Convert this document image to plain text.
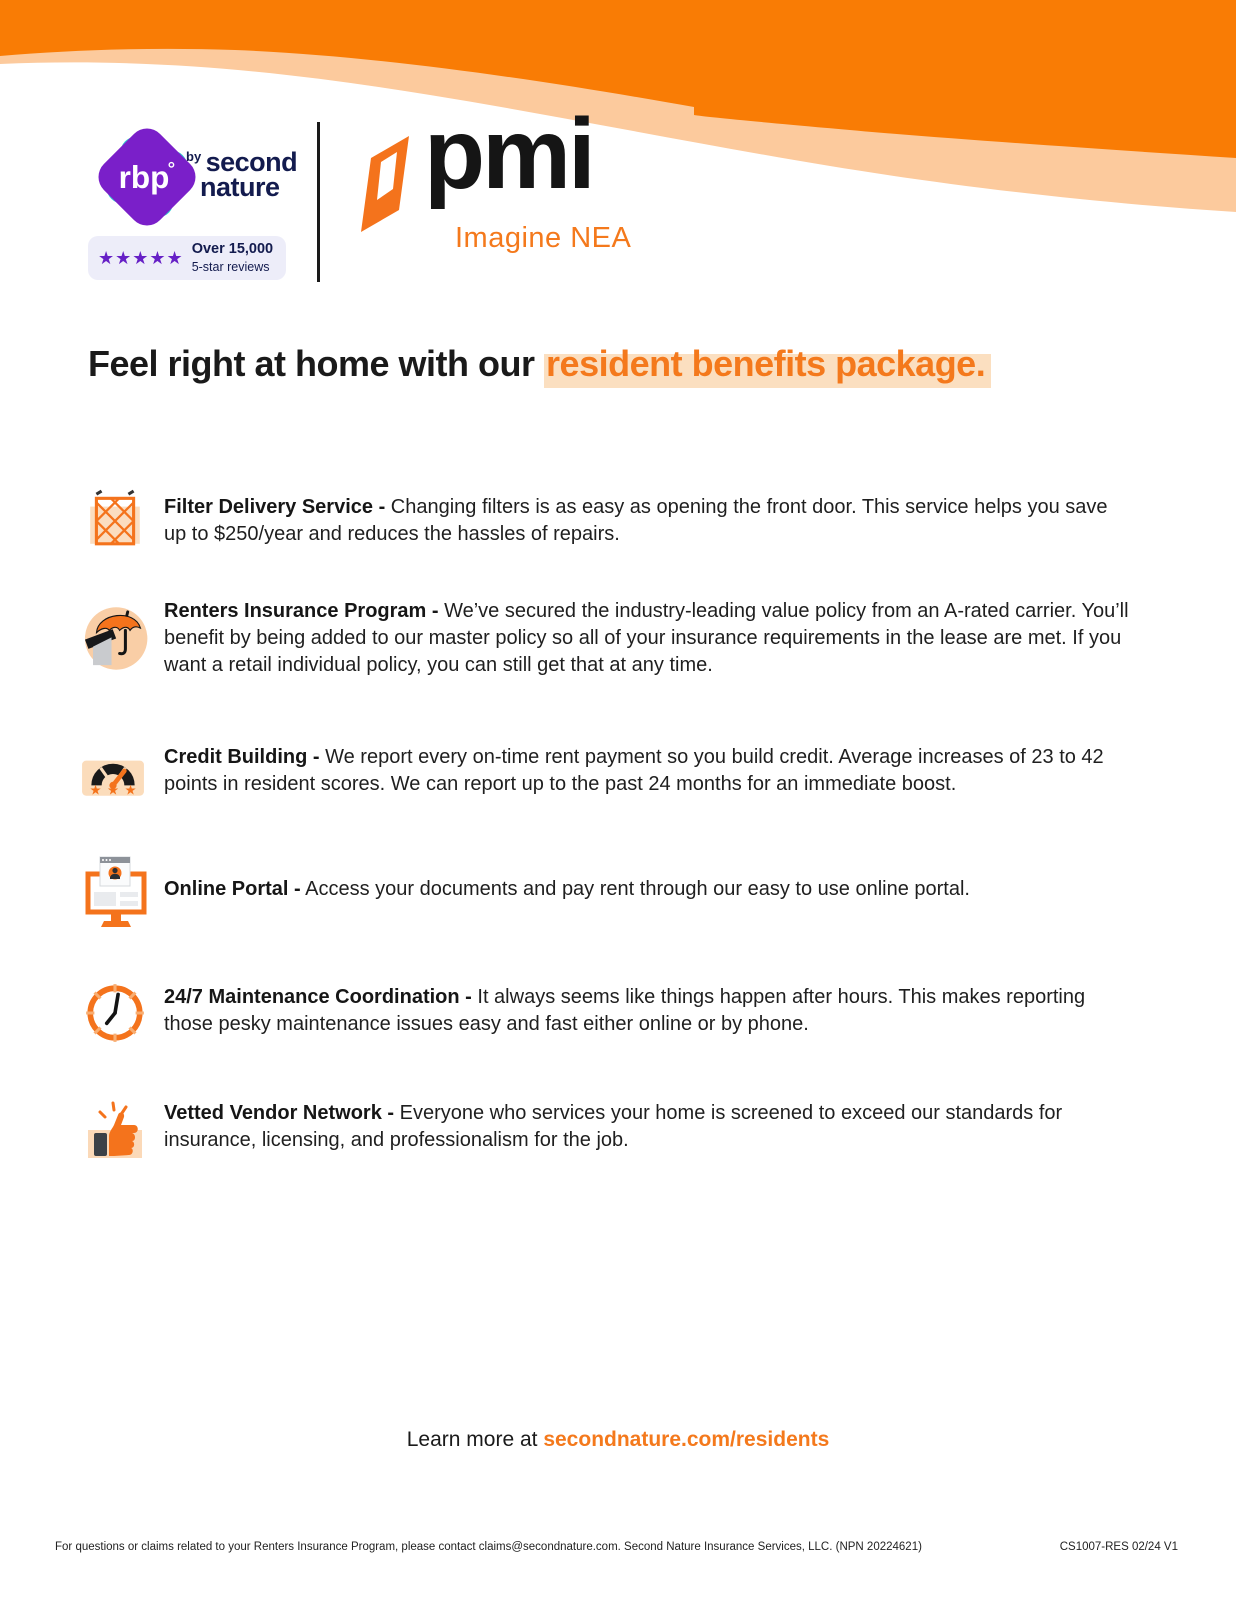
rbp
$^{by}$ second
nature
★★★★★ Over 15,000
5-star reviews
pmi
Imagine NEA
Feel right at home with our resident benefits package.
Filter Delivery Service - Changing filters is as easy as opening the front door. This service helps you save up to $250/year and reduces the hassles of repairs.
Renters Insurance Program - We’ve secured the industry-leading value policy from an A-rated carrier. You’ll benefit by being added to our master policy so all of your insurance requirements in the lease are met. If you want a retail individual policy, you can still get that at any time.
★ ★ ★
Credit Building - We report every on-time rent payment so you build credit. Average increases of 23 to 42 points in resident scores. We can report up to the past 24 months for an immediate boost.
Online Portal - Access your documents and pay rent through our easy to use online portal.
24/7 Maintenance Coordination - It always seems like things happen after hours. This makes reporting those pesky maintenance issues easy and fast either online or by phone.
Vetted Vendor Network - Everyone who services your home is screened to exceed our standards for insurance, licensing, and professionalism for the job.
Learn more at secondnature.com/residents
For questions or claims related to your Renters Insurance Program, please contact claims@secondnature.com. Second Nature Insurance Services, LLC. (NPN 20224621)	CS1007-RES 02/24 V1
